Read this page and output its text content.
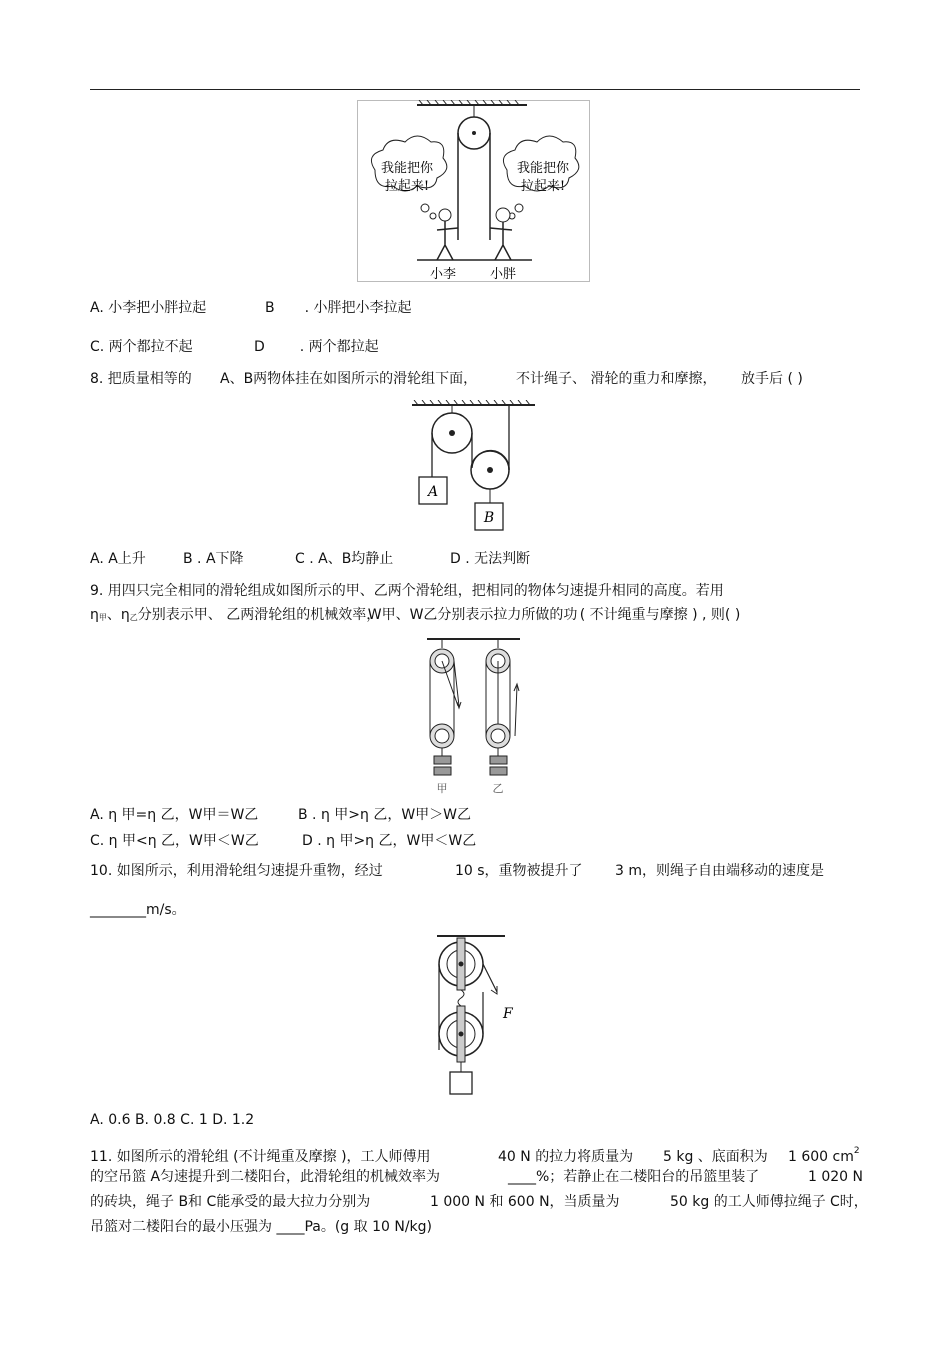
我能把你
拉起来!
我能把你
拉起来!
小李	小胖
A. 小李把小胖拉起	B . 小胖把小李拉起
C. 两个都拉不起	D	. 两个都拉起
8. 把质量相等的 A、B两物体挂在如图所示的滑轮组下面，	不计绳子、 滑轮的重力和摩擦， 放手后 ( )
A
B
A. A上升	B . A下降	C . A、B均静止	D . 无法判断
9. 用四只完全相同的滑轮组成如图所示的甲、乙两个滑轮组，把相同的物体匀速提升相同的高度。若用
η甲、η乙分别表示甲、 乙两滑轮组的机械效率，W甲、W乙分别表示拉力所做的功 ( 不计绳重与摩擦 ) , 则( )
甲	乙
A. η 甲=η 乙，W甲＝W乙	B . η 甲>η 乙，W甲＞W乙
C. η 甲<η 乙，W甲＜W乙	D . η 甲>η 乙，W甲＜W乙
10. 如图所示，利用滑轮组匀速提升重物，经过	10 s，重物被提升了 3 m，则绳子自由端移动的速度是
________m/s。
F
A. 0.6 B. 0.8 C. 1 D. 1.2
11. 如图所示的滑轮组 (不计绳重及摩擦 )，工人师傅用	40 N 的拉力将质量为 5 kg 、底面积为 1 600 $cm^2$
的空吊篮 A匀速提升到二楼阳台，此滑轮组的机械效率为	____%；若静止在二楼阳台的吊篮里装了	1 020 N
的砖块，绳子 B和 C能承受的最大拉力分别为	1 000 N 和 600 N，当质量为	50 kg 的工人师傅拉绳子 C时，
吊篮对二楼阳台的最小压强为 ____Pa。(g 取 10 N/kg)
